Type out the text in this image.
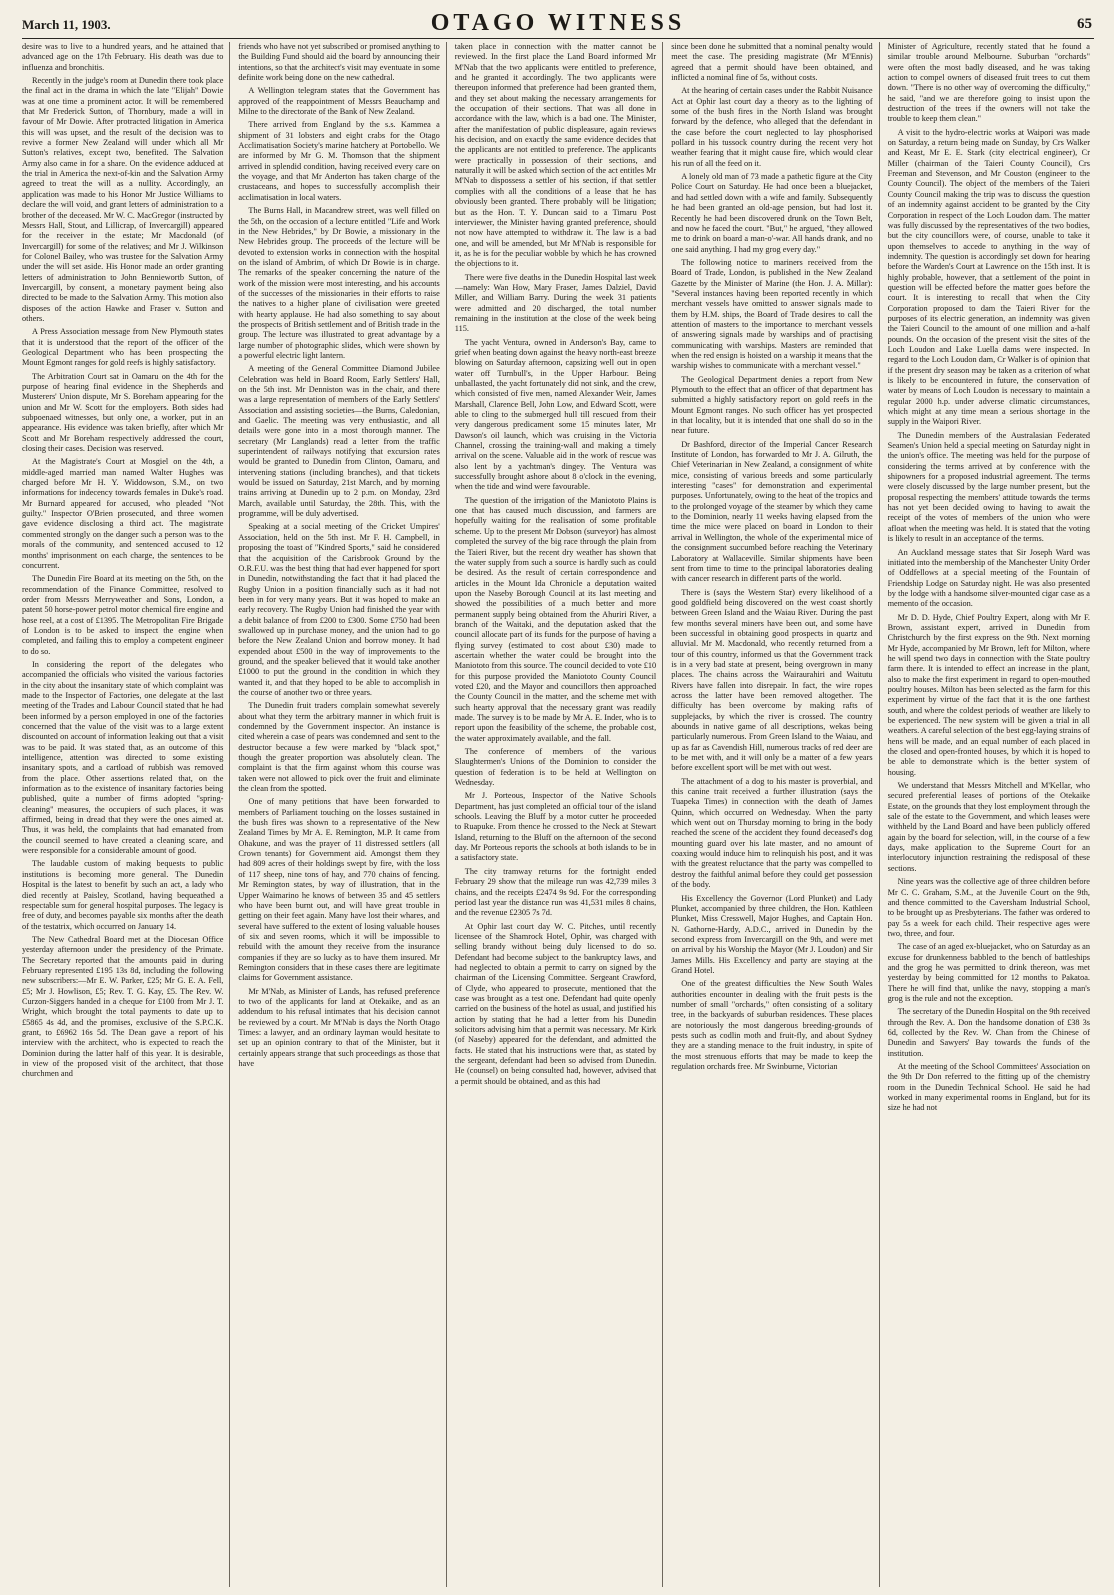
March 11, 1903.	OTAGO WITNESS	65

desire was to live to a hundred years, and he attained that advanced age on the 17th February. His death was due to influenza and bronchitis.

Recently in the judge's room at Dunedin there took place the final act in the drama in which the late "Elijah" Dowie was at one time a prominent actor. It will be remembered that Mr Frederick Sutton, of Thornbury, made a will in favour of Mr Dowie. After protracted litigation in America this will was upset, and the result of the decision was to revive a former New Zealand will under which all Mr Sutton's relatives, except two, benefited. The Salvation Army also came in for a share. On the evidence adduced at the trial in America the next-of-kin and the Salvation Army agreed to treat the will as a nullity. Accordingly, an application was made to his Honor Mr Justice Williams to declare the will void, and grant letters of administration to a brother of the deceased. Mr W. C. MacGregor (instructed by Messrs Hall, Stout, and Lillicrap, of Invercargill) appeared for the receiver in the estate; Mr Macdonald (of Invercargill) for some of the relatives; and Mr J. Wilkinson for Colonel Bailey, who was trustee for the Salvation Army under the will set aside. His Honor made an order granting letters of administration to John Benniewortb Sutton, of Invercargill, by consent, a monetary payment being also directed to be made to the Salvation Army. This motion also disposes of the action Hawke and Fraser v. Sutton and others.

A Press Association message from New Plymouth states that it is understood that the report of the officer of the Geological Department who has been prospecting the Mount Egmont ranges for gold reefs is highly satisfactory.

The Arbitration Court sat in Oamaru on the 4th for the purpose of hearing final evidence in the Shepherds and Musterers' Union dispute, Mr S. Boreham appearing for the union and Mr W. Scott for the employers. Both sides had subpoenaed witnesses, but only one, a worker, put in an appearance. His evidence was taken briefly, after which Mr Scott and Mr Boreham respectively addressed the court, closing their cases. Decision was reserved.

At the Magistrate's Court at Mosgiel on the 4th, a middle-aged married man named Walter Hughes was charged before Mr H. Y. Widdowson, S.M., on two informations for indecency towards females in Duke's road. Mr Burnard appeared for accused, who pleaded "Not guilty." Inspector O'Brien prosecuted, and three women gave evidence disclosing a third act. The magistrate commented strongly on the danger such a person was to the morals of the community, and sentenced accused to 12 months' imprisonment on each charge, the sentences to be concurrent.

The Dunedin Fire Board at its meeting on the 5th, on the recommendation of the Finance Committee, resolved to order from Messrs Merryweather and Sons, London, a patent 50 horse-power petrol motor chemical fire engine and hose reel, at a cost of £1395. The Metropolitan Fire Brigade of London is to be asked to inspect the engine when completed, and failing this to employ a competent engineer to do so.

In considering the report of the delegates who accompanied the officials who visited the various factories in the city about the insanitary state of which complaint was made to the Inspector of Factories, one delegate at the last meeting of the Trades and Labour Council stated that he had been informed by a person employed in one of the factories concerned that the value of the visit was to a large extent discounted on account of information leaking out that a visit was to be paid. It was stated that, as an outcome of this intelligence, attention was directed to some existing insanitary spots, and a cartload of rubbish was removed from the place. Other assertions related that, on the information as to the existence of insanitary factories being published, quite a number of firms adopted "spring-cleaning" measures, the occupiers of such places, it was affirmed, being in dread that they were the ones aimed at. Thus, it was held, the complaints that had emanated from the council seemed to have created a cleaning scare, and were responsible for a considerable amount of good.

The laudable custom of making bequests to public institutions is becoming more general. The Dunedin Hospital is the latest to benefit by such an act, a lady who died recently at Paisley, Scotland, having bequeathed a respectable sum for general hospital purposes. The legacy is free of duty, and becomes payable six months after the death of the testatrix, which occurred on January 14.

The New Cathedral Board met at the Diocesan Office yesterday afternoon under the presidency of the Primate. The Secretary reported that the amounts paid in during February represented £195 13s 8d, including the following new subscribers:—Mr E. W. Parker, £25; Mr G. E. A. Fell, £5; Mr J. Howlison, £5; Rev. T. G. Kay, £5. The Rev. W. Curzon-Siggers handed in a cheque for £100 from Mr J. T. Wright, which brought the total payments to date up to £5865 4s 4d, and the promises, exclusive of the S.P.C.K. grant, to £6962 16s 5d. The Dean gave a report of his interview with the architect, who is expected to reach the Dominion during the latter half of this year. It is desirable, in view of the proposed visit of the architect, that those churchmen and

friends who have not yet subscribed or promised anything to the Building Fund should aid the board by announcing their intentions, so that the architect's visit may eventuate in some definite work being done on the new cathedral.

A Wellington telegram states that the Government has approved of the reappointment of Messrs Beauchamp and Milne to the directorate of the Bank of New Zealand.

There arrived from England by the s.s. Kammea a shipment of 31 lobsters and eight crabs for the Otago Acclimatisation Society's marine hatchery at Portobello. We are informed by Mr G. M. Thomson that the shipment arrived in splendid condition, having received every care on the voyage, and that Mr Anderton has taken charge of the crustaceans, and hopes to successfully accomplish their acclimatisation in local waters.

The Burns Hall, in Macandrew street, was well filled on the 5th, on the occasion of a lecture entitled "Life and Work in the New Hebrides," by Dr Bowie, a missionary in the New Hebrides group. The proceeds of the lecture will be devoted to extension works in connection with the hospital on the island of Ambrim, of which Dr Bowie is in charge. The remarks of the speaker concerning the nature of the work of the mission were most interesting, and his accounts of the successes of the missionaries in their efforts to raise the natives to a higher plane of civilisation were greeted with hearty applause. He had also something to say about the prospects of British settlement and of British trade in the group. The lecture was illustrated to great advantage by a large number of photographic slides, which were shown by a powerful electric light lantern.

A meeting of the General Committee Diamond Jubilee Celebration was held in Board Room, Early Settlers' Hall, on the 5th inst. Mr Denniston was in the chair, and there was a large representation of members of the Early Settlers' Association and assisting societies—the Burns, Caledonian, and Gaelic. The meeting was very enthusiastic, and all details were gone into in a most thorough manner. The secretary (Mr Langlands) read a letter from the traffic superintendent of railways notifying that excursion rates would be granted to Dunedin from Clinton, Oamaru, and intervening stations (including branches), and that tickets would be issued on Saturday, 21st March, and by morning trains arriving at Dunedin up to 2 p.m. on Monday, 23rd March, available until Saturday, the 28th. This, with the programme, will be duly advertised.

Speaking at a social meeting of the Cricket Umpires' Association, held on the 5th inst. Mr F. H. Campbell, in proposing the toast of "Kindred Sports," said he considered that the acquisition of the Carisbrook Ground by the O.R.F.U. was the best thing that had ever happened for sport in Dunedin, notwithstanding the fact that it had placed the Rugby Union in a position financially such as it had not been in for very many years. But it was hoped to make an early recovery. The Rugby Union had finished the year with a debit balance of from £200 to £300. Some £750 had been swallowed up in purchase money, and the union had to go before the New Zealand Union and borrow money. It had expended about £500 in the way of improvements to the ground, and the speaker believed that it would take another £1000 to put the ground in the condition in which they wanted it, and that they hoped to be able to accomplish in the course of another two or three years.

The Dunedin fruit traders complain somewhat severely about what they term the arbitrary manner in which fruit is condemned by the Government inspector. An instance is cited wherein a case of pears was condemned and sent to the destructor because a few were marked by "black spot," though the greater proportion was absolutely clean. The complaint is that the firm against whom this course was taken were not allowed to pick over the fruit and eliminate the clean from the spotted.

One of many petitions that have been forwarded to members of Parliament touching on the losses sustained in the bush fires was shown to a representative of the New Zealand Times by Mr A. E. Remington, M.P. It came from Ohakune, and was the prayer of 11 distressed settlers (all Crown tenants) for Government aid. Amongst them they had 809 acres of their holdings swept by fire, with the loss of 117 sheep, nine tons of hay, and 770 chains of fencing. Mr Remington states, by way of illustration, that in the Upper Waimarino he knows of between 35 and 45 settlers who have been burnt out, and will have great trouble in getting on their feet again. Many have lost their whares, and several have suffered to the extent of losing valuable houses of six and seven rooms, which it will be impossible to rebuild with the amount they receive from the insurance companies if they are so lucky as to have them insured. Mr Remington considers that in these cases there are legitimate claims for Government assistance.

Mr M'Nab, as Minister of Lands, has refused preference to two of the applicants for land at Otekaike, and as an addendum to his refusal intimates that his decision cannot be reviewed by a court. Mr M'Nab is days the North Otago Times: a lawyer, and an ordinary layman would hesitate to set up an opinion contrary to that of the Minister, but it certainly appears strange that such proceedings as those that have

taken place in connection with the matter cannot be reviewed. In the first place the Land Board informed Mr M'Nab that the two applicants were entitled to preference, and he granted it accordingly. The two applicants were thereupon informed that preference had been granted them, and they set about making the necessary arrangements for the occupation of their sections. That was all done in accordance with the law, which is a bad one. The Minister, after the manifestation of public displeasure, again reviews his decision, and on exactly the same evidence decides that the applicants are not entitled to preference. The applicants were practically in possession of their sections, and naturally it will be asked which section of the act entitles Mr M'Nab to dispossess a settler of his section, if that settler complies with all the conditions of a lease that he has obviously been granted. There probably will be litigation; but as the Hon. T. Y. Duncan said to a Timaru Post interviewer, the Minister having granted preference, should not now have attempted to withdraw it. The law is a bad one, and will be amended, but Mr M'Nab is responsible for it, as he is for the peculiar wobble by which he has crowned the objections to it.

There were five deaths in the Dunedin Hospital last week—namely: Wan How, Mary Fraser, James Dalziel, David Miller, and William Barry. During the week 31 patients were admitted and 20 discharged, the total number remaining in the institution at the close of the week being 115.

The yacht Ventura, owned in Anderson's Bay, came to grief when beating down against the heavy north-east breeze blowing on Saturday afternoon, capsizing well out in open water off Turnbull's, in the Upper Harbour. Being unballasted, the yacht fortunately did not sink, and the crew, which consisted of five men, named Alexander Weir, James Marshall, Clarence Bell, John Low, and Edward Scott, were able to cling to the submerged hull till rescued from their very dangerous predicament some 15 minutes later, Mr Dawson's oil launch, which was cruising in the Victoria Channel, crossing the training-wall and making a timely arrival on the scene. Valuable aid in the work of rescue was also lent by a yachtman's dingey. The Ventura was successfully brought ashore about 8 o'clock in the evening, when the tide and wind were favourable.

The question of the irrigation of the Maniototo Plains is one that has caused much discussion, and farmers are hopefully waiting for the realisation of some profitable scheme. Up to the present Mr Dobson (surveyor) has almost completed the survey of the big race through the plain from the Taieri River, but the recent dry weather has shown that the water supply from such a source is hardly such as could be desired. As the result of certain correspondence and articles in the Mount Ida Chronicle a deputation waited upon the Naseby Borough Council at its last meeting and showed the possibilities of a much better and more permanent supply being obtained from the Ahuriri River, a branch of the Waitaki, and the deputation asked that the council allocate part of its funds for the purpose of having a flying survey (estimated to cost about £30) made to ascertain whether the water could be brought into the Maniototo from this source. The council decided to vote £10 for this purpose provided the Maniototo County Council voted £20, and the Mayor and councillors then approached the County Council in the matter, and the scheme met with such hearty approval that the necessary grant was readily made. The survey is to be made by Mr A. E. Inder, who is to report upon the feasibility of the scheme, the probable cost, the water approximately available, and the fall.

The conference of members of the various Slaughtermen's Unions of the Dominion to consider the question of federation is to be held at Wellington on Wednesday.

Mr J. Porteous, Inspector of the Native Schools Department, has just completed an official tour of the island schools. Leaving the Bluff by a motor cutter he proceeded to Ruapuke. From thence he crossed to the Neck at Stewart Island, returning to the Bluff on the afternoon of the second day. Mr Porteous reports the schools at both islands to be in a satisfactory state.

The city tramway returns for the fortnight ended February 29 show that the mileage run was 42,739 miles 3 chains, and the receipts £2474 9s 9d. For the corresponding period last year the distance run was 41,531 miles 8 chains, and the revenue £2305 7s 7d.

At Ophir last court day W. C. Pitches, until recently licensee of the Shamrock Hotel, Ophir, was charged with selling brandy without being duly licensed to do so. Defendant had become subject to the bankruptcy laws, and had neglected to obtain a permit to carry on signed by the chairman of the Licensing Committee. Sergeant Crawford, of Clyde, who appeared to prosecute, mentioned that the case was brought as a test one. Defendant had quite openly carried on the business of the hotel as usual, and justified his action by stating that he had a letter from his Dunedin solicitors advising him that a permit was necessary. Mr Kirk (of Naseby) appeared for the defendant, and admitted the facts. He stated that his instructions were that, as stated by the sergeant, defendant had been so advised from Dunedin. He (counsel) on being consulted had, however, advised that a permit should be obtained, and as this had

since been done he submitted that a nominal penalty would meet the case. The presiding magistrate (Mr M'Ennis) agreed that a permit should have been obtained, and inflicted a nominal fine of 5s, without costs.

At the hearing of certain cases under the Rabbit Nuisance Act at Ophir last court day a theory as to the lighting of some of the bush fires in the North Island was brought forward by the defence, who alleged that the defendant in the case before the court neglected to lay phosphorised pollard in his tussock country during the recent very hot weather fearing that it might cause fire, which would clear his run of all the feed on it.

A lonely old man of 73 made a pathetic figure at the City Police Court on Saturday. He had once been a bluejacket, and had settled down with a wife and family. Subsequently he had been granted an old-age pension, but had lost it. Recently he had been discovered drunk on the Town Belt, and now he faced the court. "But," he argued, "they allowed me to drink on board a man-o'-war. All hands drank, and no one said anything. I had my grog every day."

The following notice to mariners received from the Board of Trade, London, is published in the New Zealand Gazette by the Minister of Marine (the Hon. J. A. Millar): "Several instances having been reported recently in which merchant vessels have omitted to answer signals made to them by H.M. ships, the Board of Trade desires to call the attention of masters to the importance to merchant vessels of answering signals made by warships and of practising communicating with warships. Masters are reminded that when the red ensign is hoisted on a warship it means that the warship wishes to communicate with a merchant vessel."

The Geological Department denies a report from New Plymouth to the effect that an officer of that department has submitted a highly satisfactory report on gold reefs in the Mount Egmont ranges. No such officer has yet prospected in that locality, but it is intended that one shall do so in the near future.

Dr Bashford, director of the Imperial Cancer Research Institute of London, has forwarded to Mr J. A. Gilruth, the Chief Veterinarian in New Zealand, a consignment of white mice, consisting of various breeds and some particularly interesting "cases" for demonstration and experimental purposes. Unfortunately, owing to the heat of the tropics and to the prolonged voyage of the steamer by which they came to the Dominion, nearly 11 weeks having elapsed from the time the mice were placed on board in London to their arrival in Wellington, the whole of the experimental mice of the consignment succumbed before reaching the Veterinary Laboratory at Wallaceville. Similar shipments have been sent from time to time to the principal laboratories dealing with cancer research in different parts of the world.

There is (says the Western Star) every likelihood of a good goldfield being discovered on the west coast shortly between Green Island and the Waiau River. During the past few months several miners have been out, and some have been successful in obtaining good prospects in quartz and alluvial. Mr M. Macdonald, who recently returned from a tour of this country, informed us that the Government track is in a very bad state at present, being overgrown in many places. The chains across the Wairaurahiri and Waitutu Rivers have fallen into disrepair. In fact, the wire ropes across the latter have been removed altogether. The difficulty has been overcome by making rafts of supplejacks, by which the river is crossed. The country abounds in native game of all descriptions, wekas being particularly numerous. From Green Island to the Waiau, and up as far as Cavendish Hill, numerous tracks of red deer are to be met with, and it will only be a matter of a few years before excellent sport will be met with out west.

The attachment of a dog to his master is proverbial, and this canine trait received a further illustration (says the Tuapeka Times) in connection with the death of James Quinn, which occurred on Wednesday. When the party which went out on Thursday morning to bring in the body reached the scene of the accident they found deceased's dog mounting guard over his late master, and no amount of coaxing would induce him to relinquish his post, and it was with the greatest reluctance that the party was compelled to destroy the faithful animal before they could get possession of the body.

His Excellency the Governor (Lord Plunket) and Lady Plunket, accompanied by three children, the Hon. Kathleen Plunket, Miss Cresswell, Major Hughes, and Captain Hon. N. Gathorne-Hardy, A.D.C., arrived in Dunedin by the second express from Invercargill on the 9th, and were met on arrival by his Worship the Mayor (Mr J. Loudon) and Sir James Mills. His Excellency and party are staying at the Grand Hotel.

One of the greatest difficulties the New South Wales authorities encounter in dealing with the fruit pests is the number of small "orchards," often consisting of a solitary tree, in the backyards of suburban residences. These places are notoriously the most dangerous breeding-grounds of pests such as codlin moth and fruit-fly, and about Sydney they are a standing menace to the fruit industry, in spite of the most strenuous efforts that may be made to keep the regulation orchards free. Mr Swinburne, Victorian

Minister of Agriculture, recently stated that he found a similar trouble around Melbourne. Suburban "orchards" were often the most badly diseased, and he was taking action to compel owners of diseased fruit trees to cut them down. "There is no other way of overcoming the difficulty," he said, "and we are therefore going to insist upon the destruction of the trees if the owners will not take the trouble to keep them clean."

A visit to the hydro-electric works at Waipori was made on Saturday, a return being made on Sunday, by Crs Walker and Keast, Mr E. E. Stark (city electrical engineer), Cr Miller (chairman of the Taieri County Council), Crs Freeman and Stevenson, and Mr Couston (engineer to the County Council). The object of the members of the Taieri County Council making the trip was to discuss the question of an indemnity against accident to be granted by the City Corporation in respect of the Loch Loudon dam. The matter was fully discussed by the representatives of the two bodies, but the city councillors were, of course, unable to take it upon themselves to accede to anything in the way of indemnity. The question is accordingly set down for hearing before the Warden's Court at Lawrence on the 15th inst. It is highly probable, however, that a settlement of the point in question will be effected before the matter goes before the court. It is interesting to recall that when the City Corporation proposed to dam the Taieri River for the purposes of its electric generation, an indemnity was given the Taieri Council to the amount of one million and a-half pounds. On the occasion of the present visit the sites of the Loch Loudon and Lake Luella dams were inspected. In regard to the Loch Loudon dam, Cr Walker is of opinion that if the present dry season may be taken as a criterion of what is likely to be encountered in future, the conservation of water by means of Loch Loudon is necessary to maintain a regular 2000 h.p. under adverse climatic circumstances, which might at any time mean a serious shortage in the supply in the Waipori River.

The Dunedin members of the Australasian Federated Seamen's Union held a special meeting on Saturday night in the union's office. The meeting was held for the purpose of considering the terms arrived at by conference with the shipowners for a proposed industrial agreement. The terms were closely discussed by the large number present, but the proposal respecting the members' attitude towards the terms has not yet been decided owing to having to await the receipt of the votes of members of the union who were afloat when the meeting was held. It is stated that the voting is likely to result in an acceptance of the terms.

An Auckland message states that Sir Joseph Ward was initiated into the membership of the Manchester Unity Order of Oddfellows at a special meeting of the Fountain of Friendship Lodge on Saturday night. He was also presented by the lodge with a handsome silver-mounted cigar case as a memento of the occasion.

Mr D. D. Hyde, Chief Poultry Expert, along with Mr F. Brown, assistant expert, arrived in Dunedin from Christchurch by the first express on the 9th. Next morning Mr Hyde, accompanied by Mr Brown, left for Milton, where he will spend two days in connection with the State poultry farm there. It is intended to effect an increase in the plant, also to make the first experiment in regard to open-mouthed poultry houses. Milton has been selected as the farm for this experiment by virtue of the fact that it is the one farthest south, and where the coldest periods of weather are likely to be experienced. The new system will be given a trial in all weathers. A careful selection of the best egg-laying strains of hens will be made, and an equal number of each placed in the closed and open-fronted houses, by which it is hoped to be able to demonstrate which is the better system of housing.

We understand that Messrs Mitchell and M'Kellar, who secured preferential leases of portions of the Otekaike Estate, on the grounds that they lost employment through the sale of the estate to the Government, and which leases were withheld by the Land Board and have been publicly offered again by the board for selection, will, in the course of a few days, make application to the Supreme Court for an interlocutory injunction restraining the redisposal of these sections.

Nine years was the collective age of three children before Mr C. C. Graham, S.M., at the Juvenile Court on the 9th, and thence committed to the Caversham Industrial School, to be brought up as Presbyterians. The father was ordered to pay 5s a week for each child. Their respective ages were two, three, and four.

The case of an aged ex-bluejacket, who on Saturday as an excuse for drunkenness babbled to the bench of battleships and the grog he was permitted to drink thereon, was met yesterday by being committed for 12 months to Pakatoa. There he will find that, unlike the navy, stopping a man's grog is the rule and not the exception.

The secretary of the Dunedin Hospital on the 9th received through the Rev. A. Don the handsome donation of £38 3s 6d, collected by the Rev. W. Chan from the Chinese of Dunedin and Sawyers' Bay towards the funds of the institution.

At the meeting of the School Committees' Association on the 9th Dr Don referred to the fitting up of the chemistry room in the Dunedin Technical School. He said he had worked in many experimental rooms in England, but for its size he had not
